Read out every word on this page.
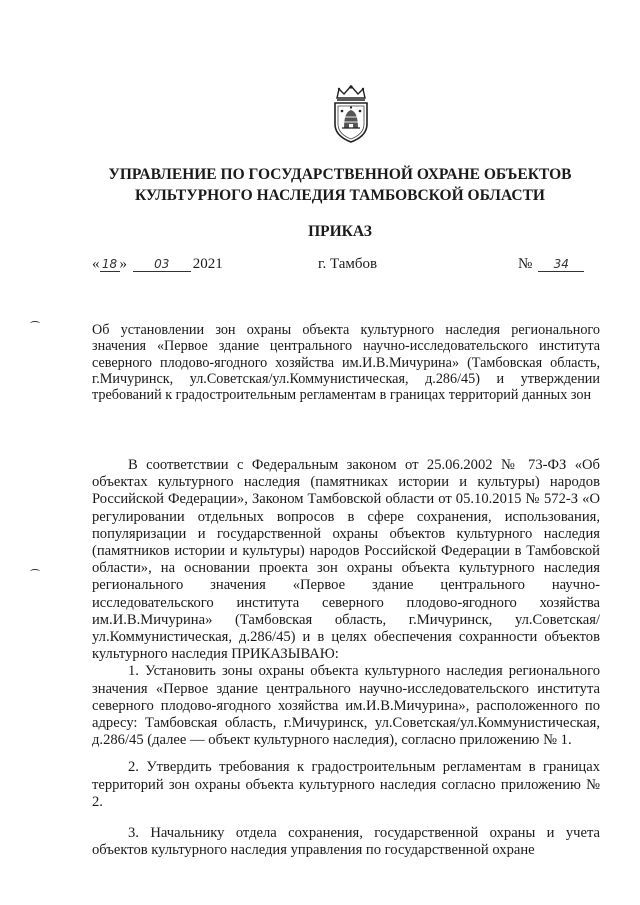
УПРАВЛЕНИЕ ПО ГОСУДАРСТВЕННОЙ ОХРАНЕ ОБЪЕКТОВ
КУЛЬТУРНОГО НАСЛЕДИЯ ТАМБОВСКОЙ ОБЛАСТИ
ПРИКАЗ
« 18 » 03 2021	г. Тамбов	№ 34
Об установлении зон охраны объекта культурного наследия регионального значения «Первое здание центрального научно-исследовательского института северного плодово-ягодного хозяйства им.И.В.Мичурина» (Тамбовская область, г.Мичуринск, ул.Советская/ул.Коммунистическая, д.286/45) и утверждении требований к градостроительным регламентам в границах территорий данных зон

В соответствии с Федеральным законом от 25.06.2002 № 73-ФЗ «Об объектах культурного наследия (памятниках истории и культуры) народов Российской Федерации», Законом Тамбовской области от 05.10.2015 № 572-З «О регулировании отдельных вопросов в сфере сохранения, использования, популяризации и государственной охраны объектов культурного наследия (памятников истории и культуры) народов Российской Федерации в Тамбовской области», на основании проекта зон охраны объекта культурного наследия регионального значения «Первое здание центрального научно-исследовательского института северного плодово-ягодного хозяйства им.И.В.Мичурина» (Тамбовская область, г.Мичуринск, ул.Советская/ул.Коммунистическая, д.286/45) и в целях обеспечения сохранности объектов культурного наследия ПРИКАЗЫВАЮ:

1. Установить зоны охраны объекта культурного наследия регионального значения «Первое здание центрального научно-исследовательского института северного плодово-ягодного хозяйства им.И.В.Мичурина», расположенного по адресу: Тамбовская область, г.Мичуринск, ул.Советская/ул.Коммунистическая, д.286/45 (далее — объект культурного наследия), согласно приложению № 1.

2. Утвердить требования к градостроительным регламентам в границах территорий зон охраны объекта культурного наследия согласно приложению № 2.

3. Начальнику отдела сохранения, государственной охраны и учета объектов культурного наследия управления по государственной охране
